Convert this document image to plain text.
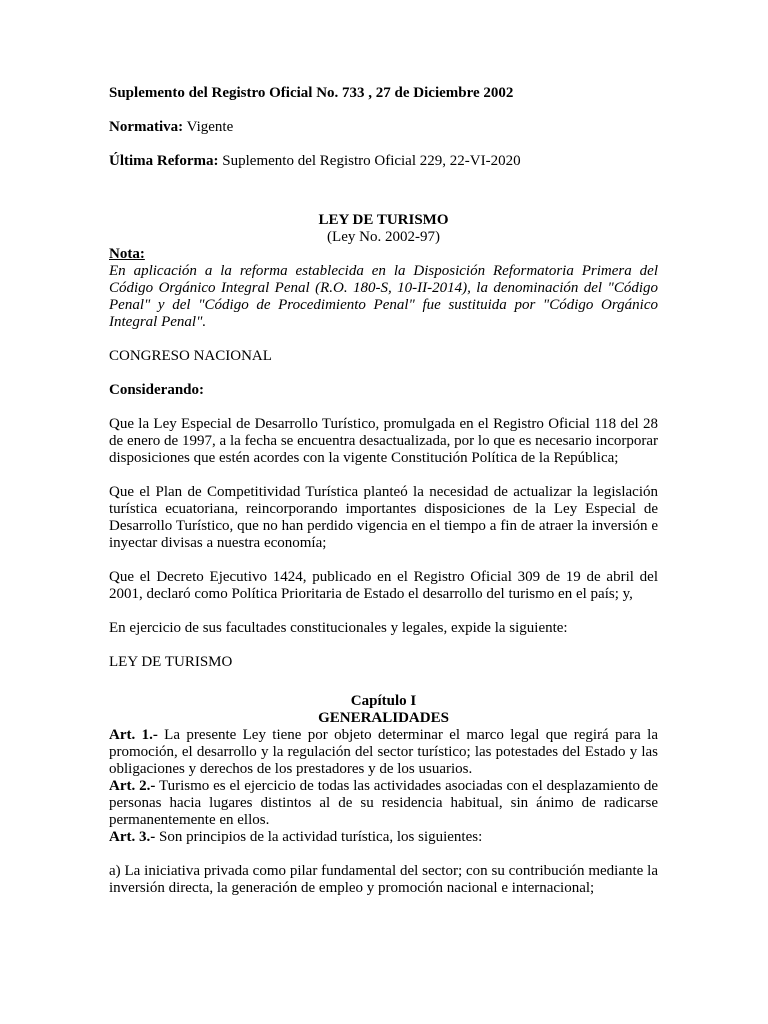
Suplemento del Registro Oficial No. 733 , 27 de Diciembre 2002

Normativa: Vigente

Última Reforma: Suplemento del Registro Oficial 229, 22-VI-2020

LEY DE TURISMO

(Ley No. 2002-97)

Nota:

En aplicación a la reforma establecida en la Disposición Reformatoria Primera del Código Orgánico Integral Penal (R.O. 180-S, 10-II-2014), la denominación del "Código Penal" y del "Código de Procedimiento Penal" fue sustituida por "Código Orgánico Integral Penal".

CONGRESO NACIONAL

Considerando:

Que la Ley Especial de Desarrollo Turístico, promulgada en el Registro Oficial 118 del 28 de enero de 1997, a la fecha se encuentra desactualizada, por lo que es necesario incorporar disposiciones que estén acordes con la vigente Constitución Política de la República;

Que el Plan de Competitividad Turística planteó la necesidad de actualizar la legislación turística ecuatoriana, reincorporando importantes disposiciones de la Ley Especial de Desarrollo Turístico, que no han perdido vigencia en el tiempo a fin de atraer la inversión e inyectar divisas a nuestra economía;

Que el Decreto Ejecutivo 1424, publicado en el Registro Oficial 309 de 19 de abril del 2001, declaró como Política Prioritaria de Estado el desarrollo del turismo en el país; y,

En ejercicio de sus facultades constitucionales y legales, expide la siguiente:

LEY DE TURISMO

Capítulo I

GENERALIDADES

Art. 1.- La presente Ley tiene por objeto determinar el marco legal que regirá para la promoción, el desarrollo y la regulación del sector turístico; las potestades del Estado y las obligaciones y derechos de los prestadores y de los usuarios.

Art. 2.- Turismo es el ejercicio de todas las actividades asociadas con el desplazamiento de personas hacia lugares distintos al de su residencia habitual, sin ánimo de radicarse permanentemente en ellos.

Art. 3.- Son principios de la actividad turística, los siguientes:

a) La iniciativa privada como pilar fundamental del sector; con su contribución mediante la inversión directa, la generación de empleo y promoción nacional e internacional;
